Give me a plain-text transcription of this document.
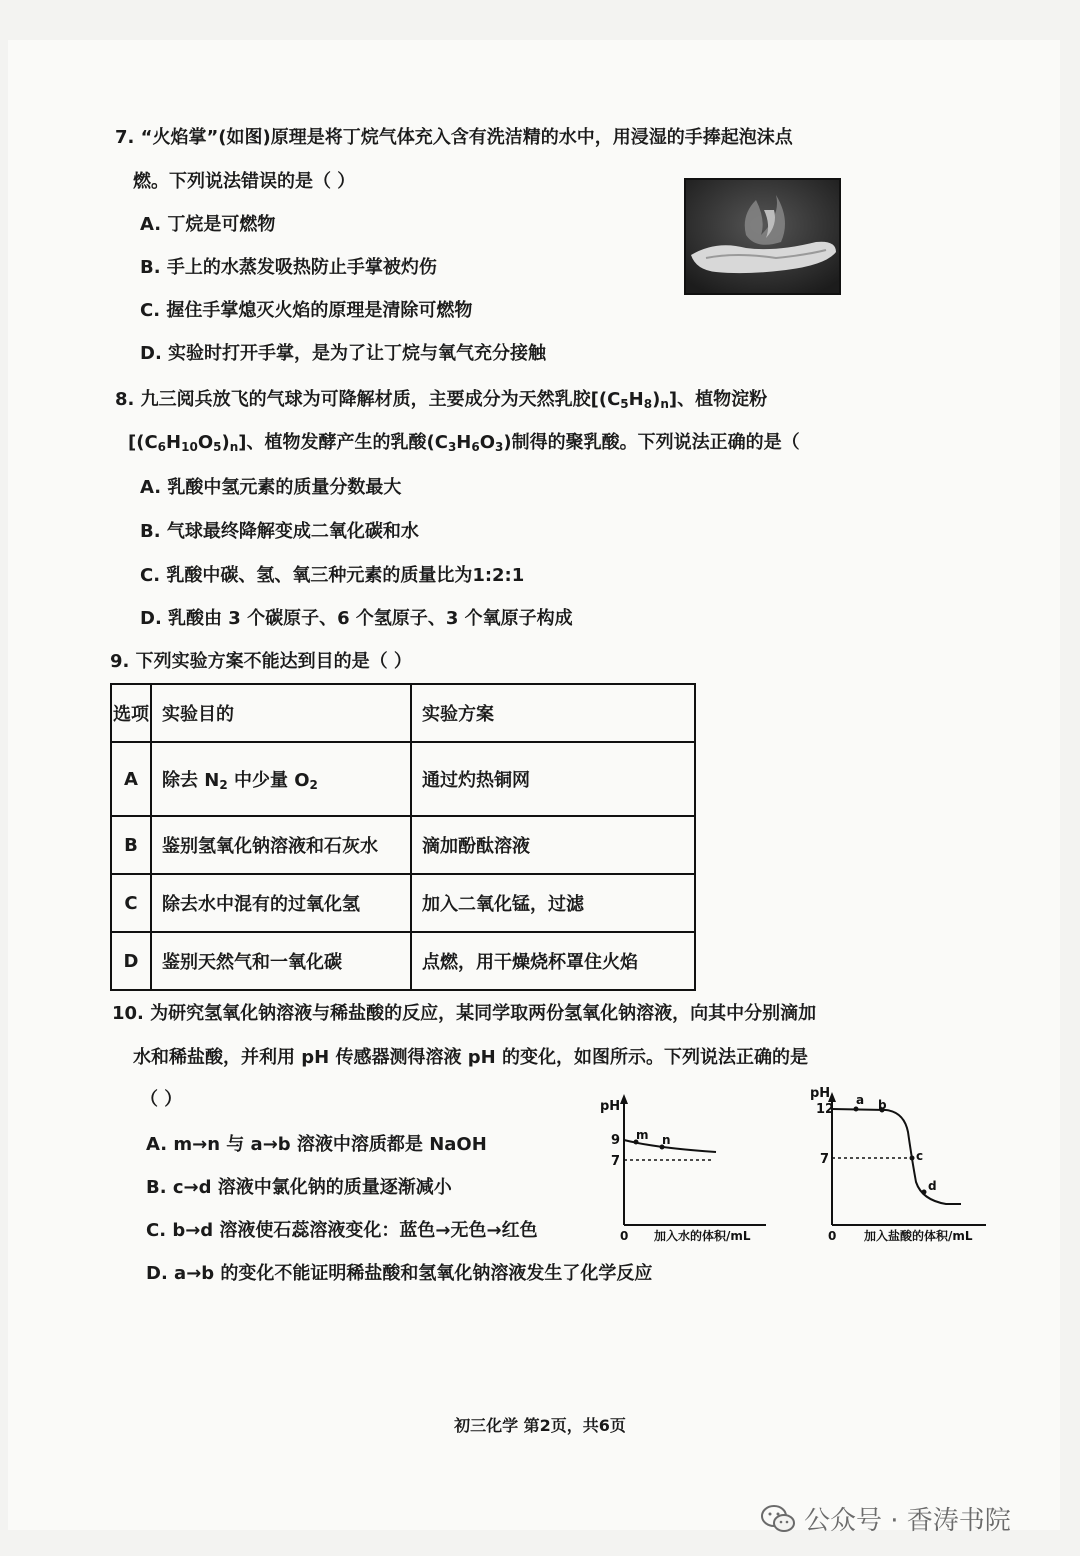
7. “火焰掌”(如图)原理是将丁烷气体充入含有洗洁精的水中，用浸湿的手捧起泡沫点
燃。下列说法错误的是（ ）
A. 丁烷是可燃物
B. 手上的水蒸发吸热防止手掌被灼伤
C. 握住手掌熄灭火焰的原理是清除可燃物
D. 实验时打开手掌，是为了让丁烷与氧气充分接触
8. 九三阅兵放飞的气球为可降解材质，主要成分为天然乳胶$[(C_5H_8)_n]$、植物淀粉
$[(C_6H_{10}O_5)_n]$、植物发酵产生的乳酸$(C_3H_6O_3)$制得的聚乳酸。下列说法正确的是（
A. 乳酸中氢元素的质量分数最大
B. 气球最终降解变成二氧化碳和水
C. 乳酸中碳、氢、氧三种元素的质量比为1:2:1
D. 乳酸由 3 个碳原子、6 个氢原子、3 个氧原子构成
9. 下列实验方案不能达到目的是（ ）
选项	实验目的	实验方案
A	除去 $N_2$ 中少量 $O_2$	通过灼热铜网
B	鉴别氢氧化钠溶液和石灰水	滴加酚酞溶液
C	除去水中混有的过氧化氢	加入二氧化锰，过滤
D	鉴别天然气和一氧化碳	点燃，用干燥烧杯罩住火焰
10. 为研究氢氧化钠溶液与稀盐酸的反应，某同学取两份氢氧化钠溶液，向其中分别滴加
水和稀盐酸，并利用 pH 传感器测得溶液 pH 的变化，如图所示。下列说法正确的是
（ ）
A. m→n 与 a→b 溶液中溶质都是 NaOH
B. c→d 溶液中氯化钠的质量逐渐减小
C. b→d 溶液使石蕊溶液变化：蓝色→无色→红色
D. a→b 的变化不能证明稀盐酸和氢氧化钠溶液发生了化学反应
pH
9
7
m n
0 加入水的体积/mL
pH
12
7
a b
c
d
0 加入盐酸的体积/mL
初三化学 第2页，共6页
公众号 · 香涛书院
